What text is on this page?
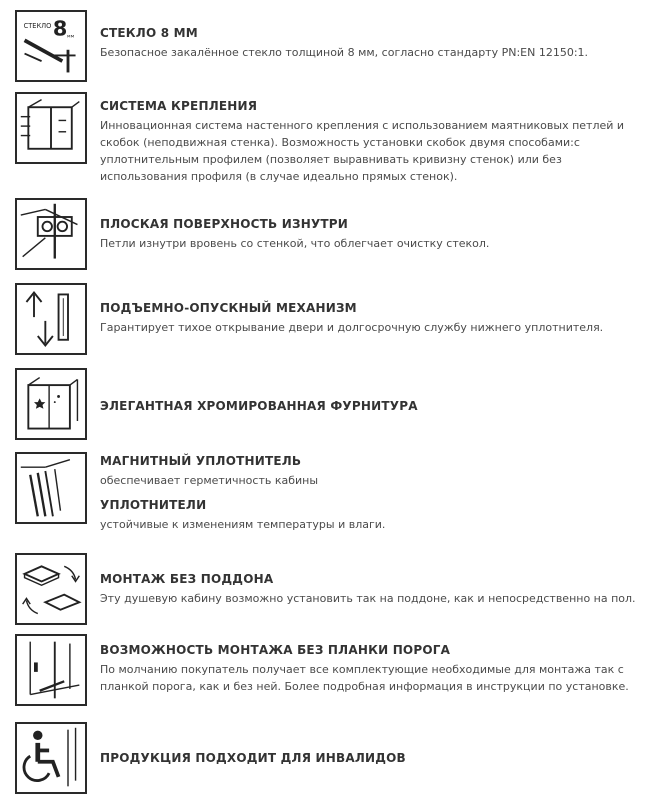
СТЕКЛО 8 мм СТЕКЛО 8 ММ

Безопасное закалённое стекло толщиной 8 мм, согласно стандарту PN:EN 12150:1.

СИСТЕМА КРЕПЛЕНИЯ

Инновационная система настенного крепления с использованием маятниковых петлей и скобок (неподвижная стенка). Возможность установки скобок двумя способами:c уплотнительным профилем (позволяет выравнивать кривизну стенок) или без использования профиля (в случае идеально прямых стенок).

ПЛОСКАЯ ПОВЕРХНОСТЬ ИЗНУТРИ

Петли изнутри вровень со стенкой, что облегчает очистку стекол.

ПОДЪЕМНО-ОПУСКНЫЙ МЕХАНИЗМ

Гарантирует тихое открывание двери и долгосрочную службу нижнего уплотнителя.

ЭЛЕГАНТНАЯ ХРОМИРОВАННАЯ ФУРНИТУРА

МАГНИТНЫЙ УПЛОТНИТЕЛЬ

обеспечивает герметичность кабины

УПЛОТНИТЕЛИ

устойчивые к изменениям температуры и влаги.

МОНТАЖ БЕЗ ПОДДОНА

Эту душевую кабину возможно установить так на поддоне, как и непосредственно на пол.

ВОЗМОЖНОСТЬ МОНТАЖА БЕЗ ПЛАНКИ ПОРОГА

По молчанию покупатель получает все комплектующие необходимые для монтажа так с планкой порога, как и без ней. Более подробная информация в инструкции по установке.

ПРОДУКЦИЯ ПОДХОДИТ ДЛЯ ИНВАЛИДОВ
